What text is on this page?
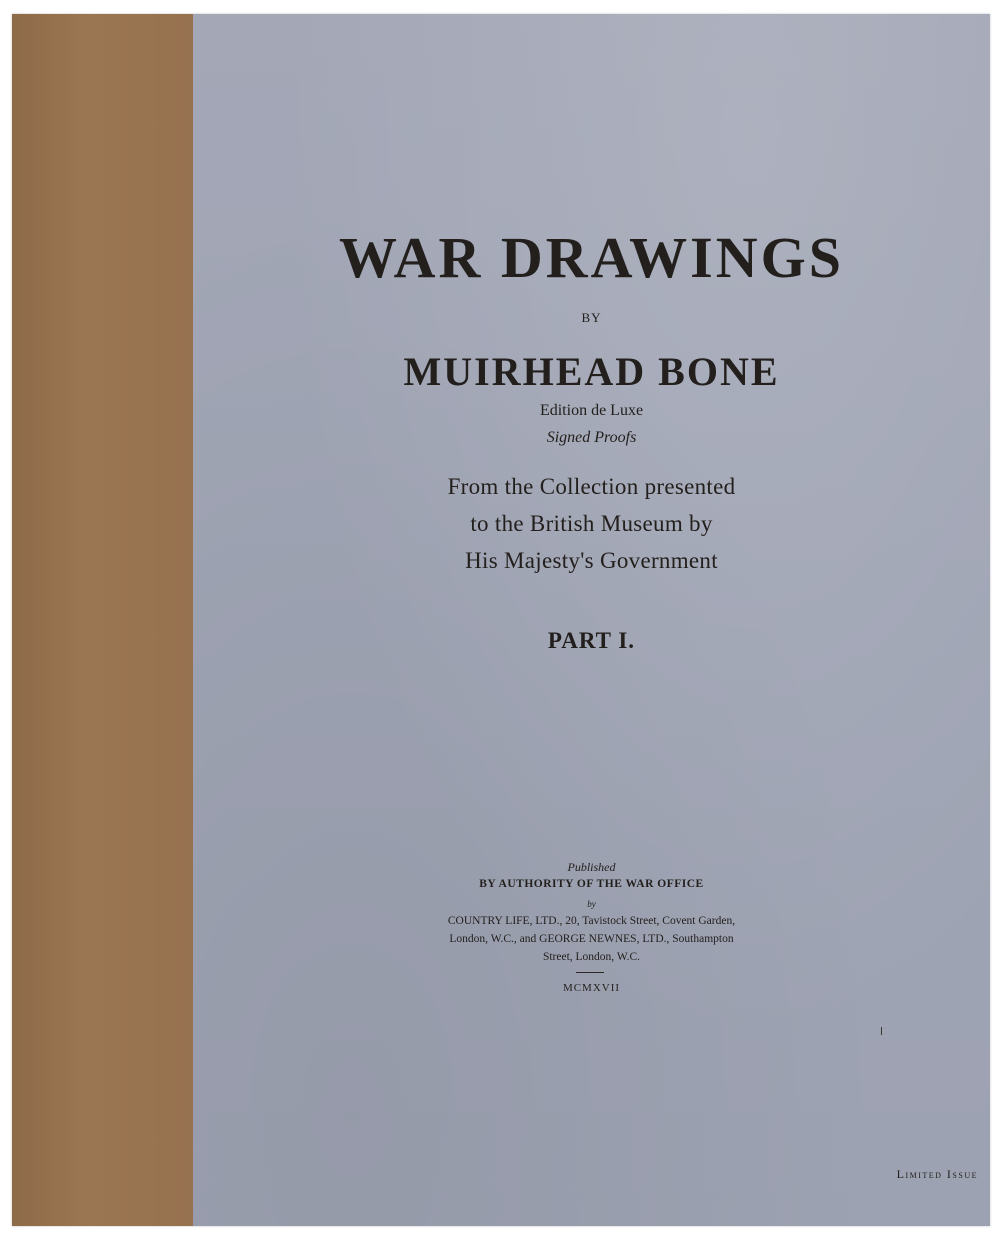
WAR DRAWINGS
BY
MUIRHEAD BONE
Edition de Luxe
Signed Proofs
From the Collection presented
to the British Museum by
His Majesty's Government
PART I.
Published
BY AUTHORITY OF THE WAR OFFICE
by
COUNTRY LIFE, LTD., 20, Tavistock Street, Covent Garden,
London, W.C., and GEORGE NEWNES, LTD., Southampton
Street, London, W.C.
MCMXVII
Limited Issue
